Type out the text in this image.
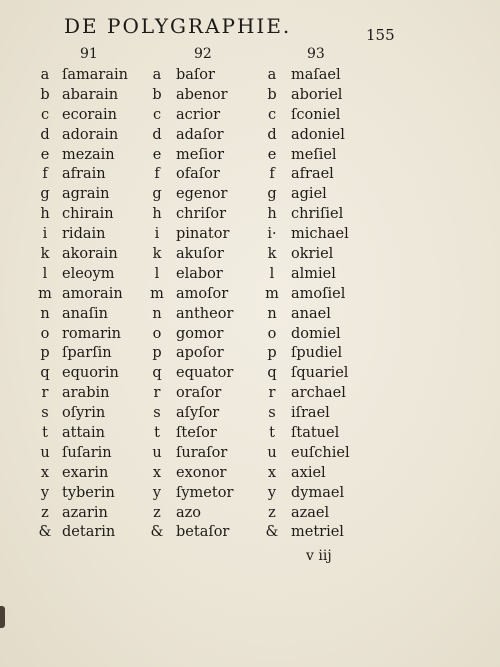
DE POLYGRAPHIE.	155
91	92	93
a ſamarain	a	baſor	a	maſael
b abarain	b abenor	b aboriel
c ecorain	c	acrior	c	ſconiel
d adorain	d adaſor	d adoniel
e mezain	e	meſior	e	meſiel
f afrain	f	ofaſor	f	afrael
g agrain	g egenor	g agiel
h chirain	h chriſor	h chriſiel
i	ridain	i	pinator	i· michael
k akorain	k	akuſor	k	okriel
l	eleoym	l	elabor	l	almiel
m amorain	m amoſor	m amoſiel
n anaſin	n antheor	n anael
o romarin	o	gomor	o	domiel
p ſparſin	p apoſor	p ſpudiel
q equorin	q equator	q ſquariel
r arabin	r	oraſor	r	archael
s oſyrin	s	aſyſor	s	iſrael
t attain	t	ſteſor	t	ſtatuel
u ſuſarin	u ſuraſor	u euſchiel
x exarin	x	exonor	x	axiel
y tyberin	y	ſymetor	y	dymael
z azarin	z	azo	z	azael
& detarin	& betaſor	& metriel
v iij
